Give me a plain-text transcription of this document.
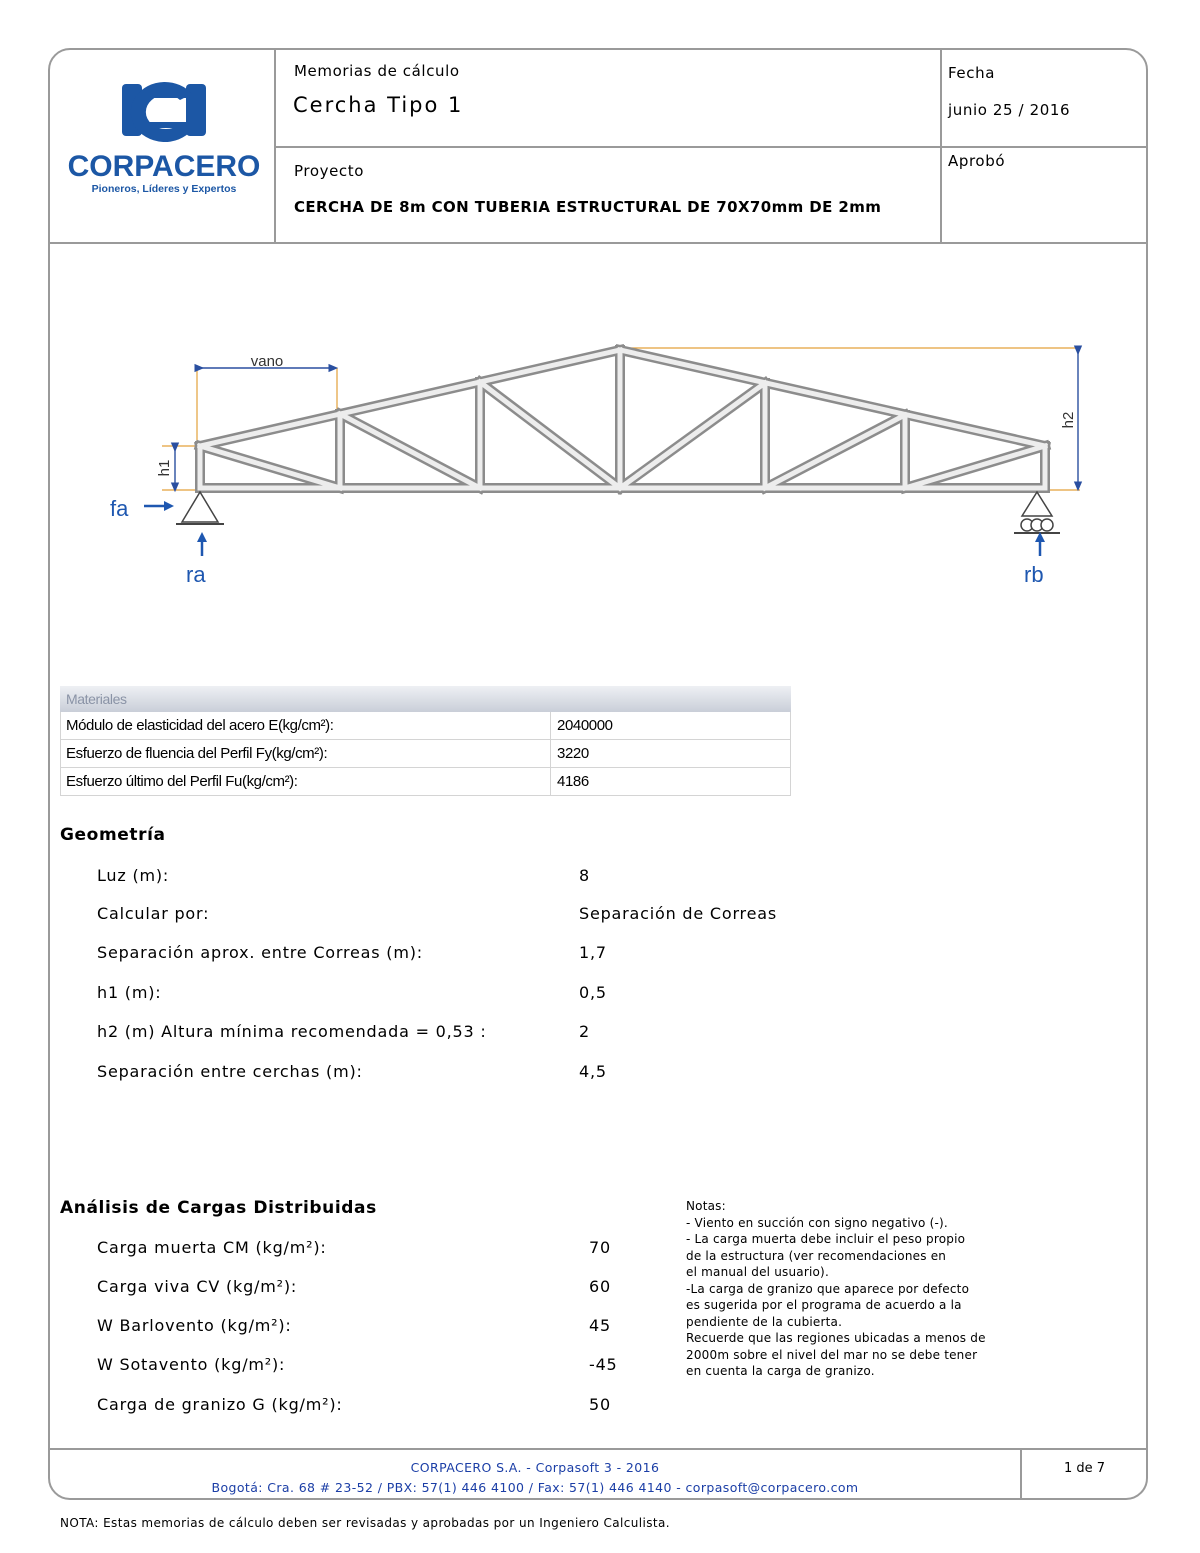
CORPACERO
Pioneros, Líderes y Expertos
Memorias de cálculo
Cercha Tipo 1
Fecha
junio 25 / 2016
Proyecto
CERCHA DE 8m CON TUBERIA ESTRUCTURAL DE 70X70mm DE 2mm
Aprobó
vano
h1
h2
fa
ra	rb
Materiales
Módulo de elasticidad del acero E(kg/cm²):	2040000
Esfuerzo de fluencia del Perfil Fy(kg/cm²):	3220
Esfuerzo último del Perfil Fu(kg/cm²):	4186
Geometría
Luz (m):	8
Calcular por:	Separación de Correas
Separación aprox. entre Correas (m):	1,7
h1 (m):	0,5
h2 (m) Altura mínima recomendada = 0,53 :	2
Separación entre cerchas (m):	4,5
Análisis de Cargas Distribuidas
Carga muerta CM (kg/m²):	70
Carga viva CV (kg/m²):	60
W Barlovento (kg/m²):	45
W Sotavento (kg/m²):	-45
Carga de granizo G (kg/m²):	50
Notas:
- Viento en succión con signo negativo (-).
- La carga muerta debe incluir el peso propio
de la estructura (ver recomendaciones en
el manual del usuario).
-La carga de granizo que aparece por defecto
es sugerida por el programa de acuerdo a la
pendiente de la cubierta.
Recuerde que las regiones ubicadas a menos de
2000m sobre el nivel del mar no se debe tener
en cuenta la carga de granizo.
CORPACERO S.A. - Corpasoft 3 - 2016
Bogotá: Cra. 68 # 23-52 / PBX: 57(1) 446 4100 / Fax: 57(1) 446 4140 - corpasoft@corpacero.com
1 de 7
NOTA: Estas memorias de cálculo deben ser revisadas y aprobadas por un Ingeniero Calculista.
